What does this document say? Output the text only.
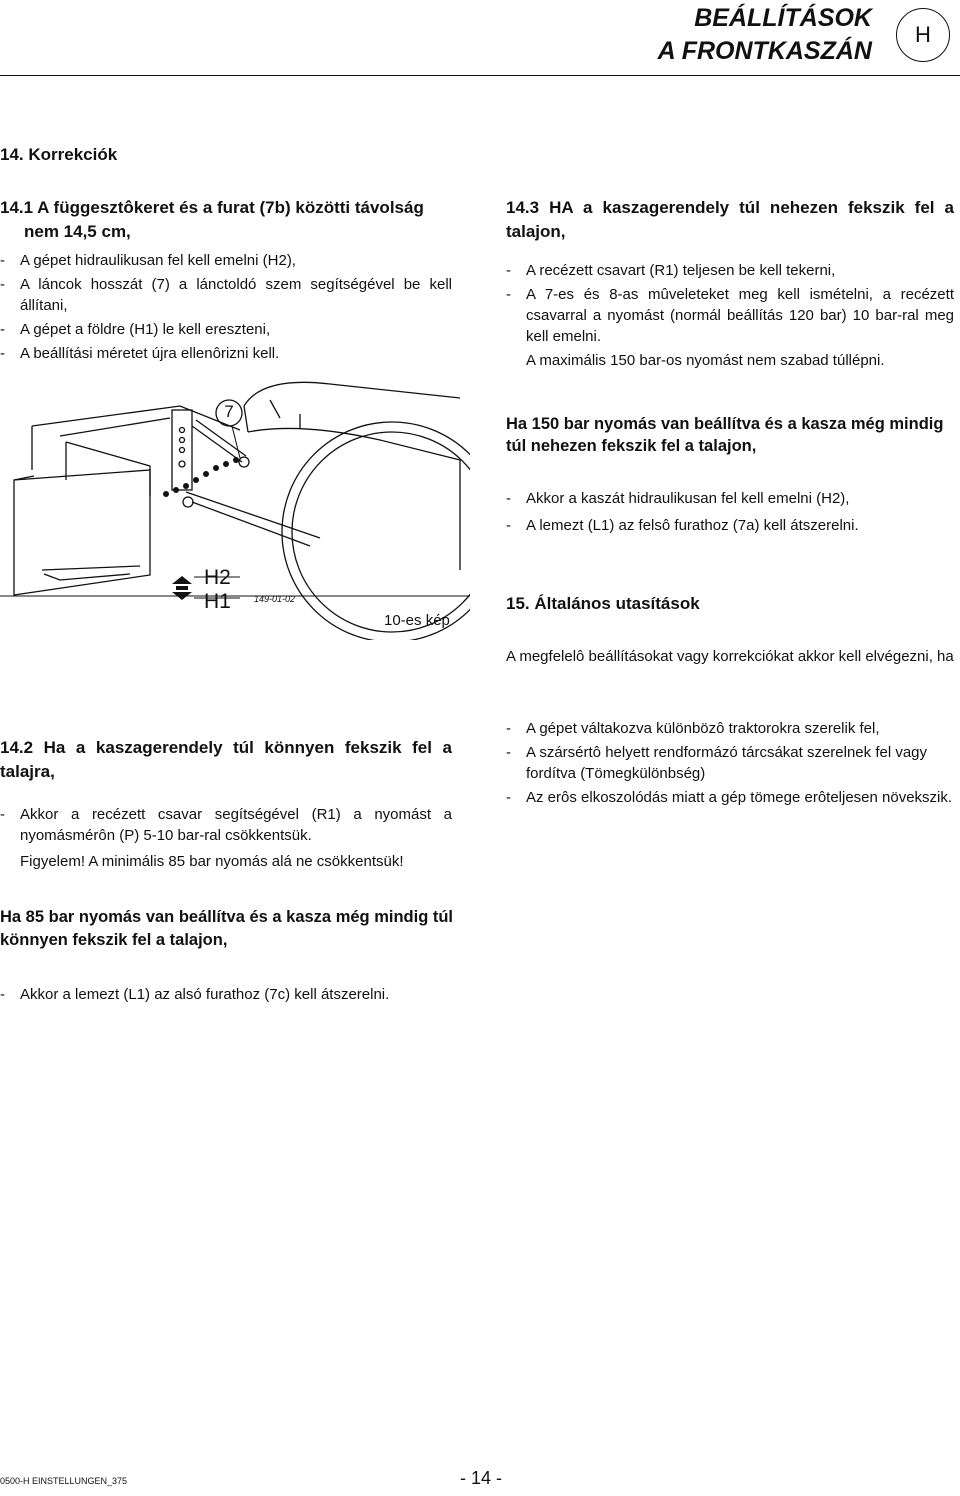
BEÁLLÍTÁSOK
A FRONTKASZÁN
H
14. Korrekciók
14.1 A függesztôkeret és a furat (7b) közötti távolság
nem 14,5 cm,
-	A gépet hidraulikusan fel kell emelni (H2),
-	A láncok hosszát (7) a lánctoldó szem segítségével be kell állítani,
-	A gépet a földre (H1) le kell ereszteni,
-	A beállítási méretet újra ellenôrizni kell.
14.3 HA a kaszagerendely túl nehezen fekszik fel a talajon,
-	A recézett csavart (R1) teljesen be kell tekerni,
-	A 7-es és 8-as mûveleteket meg kell ismételni, a recézett csavarral a nyomást (normál beállítás 120 bar) 10 bar-ral meg kell emelni.
A maximális 150 bar-os nyomást nem szabad túllépni.
Ha 150 bar nyomás van beállítva és a kasza még mindig túl nehezen fekszik fel a talajon,
-	Akkor a kaszát hidraulikusan fel kell emelni (H2),
-	A lemezt (L1) az felsô furathoz (7a) kell átszerelni.
7
H2
H1	149-01-02
10-es kép
15. Általános utasítások
A megfelelô beállításokat vagy korrekciókat akkor kell elvégezni, ha
-	A gépet váltakozva különbözô traktorokra szerelik fel,
-	A szársértô helyett rendformázó tárcsákat szerelnek fel vagy fordítva (Tömegkülönbség)
-	Az erôs elkoszolódás miatt a gép tömege erôteljesen növekszik.
14.2 Ha a kaszagerendely túl könnyen fekszik fel a talajra,
-	Akkor a recézett csavar segítségével (R1) a nyomást a nyomásmérôn (P) 5-10 bar-ral csökkentsük.
Figyelem! A minimális 85 bar nyomás alá ne csökkentsük!
Ha 85 bar nyomás van beállítva és a kasza még mindig túl könnyen fekszik fel a talajon,
-	Akkor a lemezt (L1) az alsó furathoz (7c) kell átszerelni.
0500-H EINSTELLUNGEN_375	- 14 -
